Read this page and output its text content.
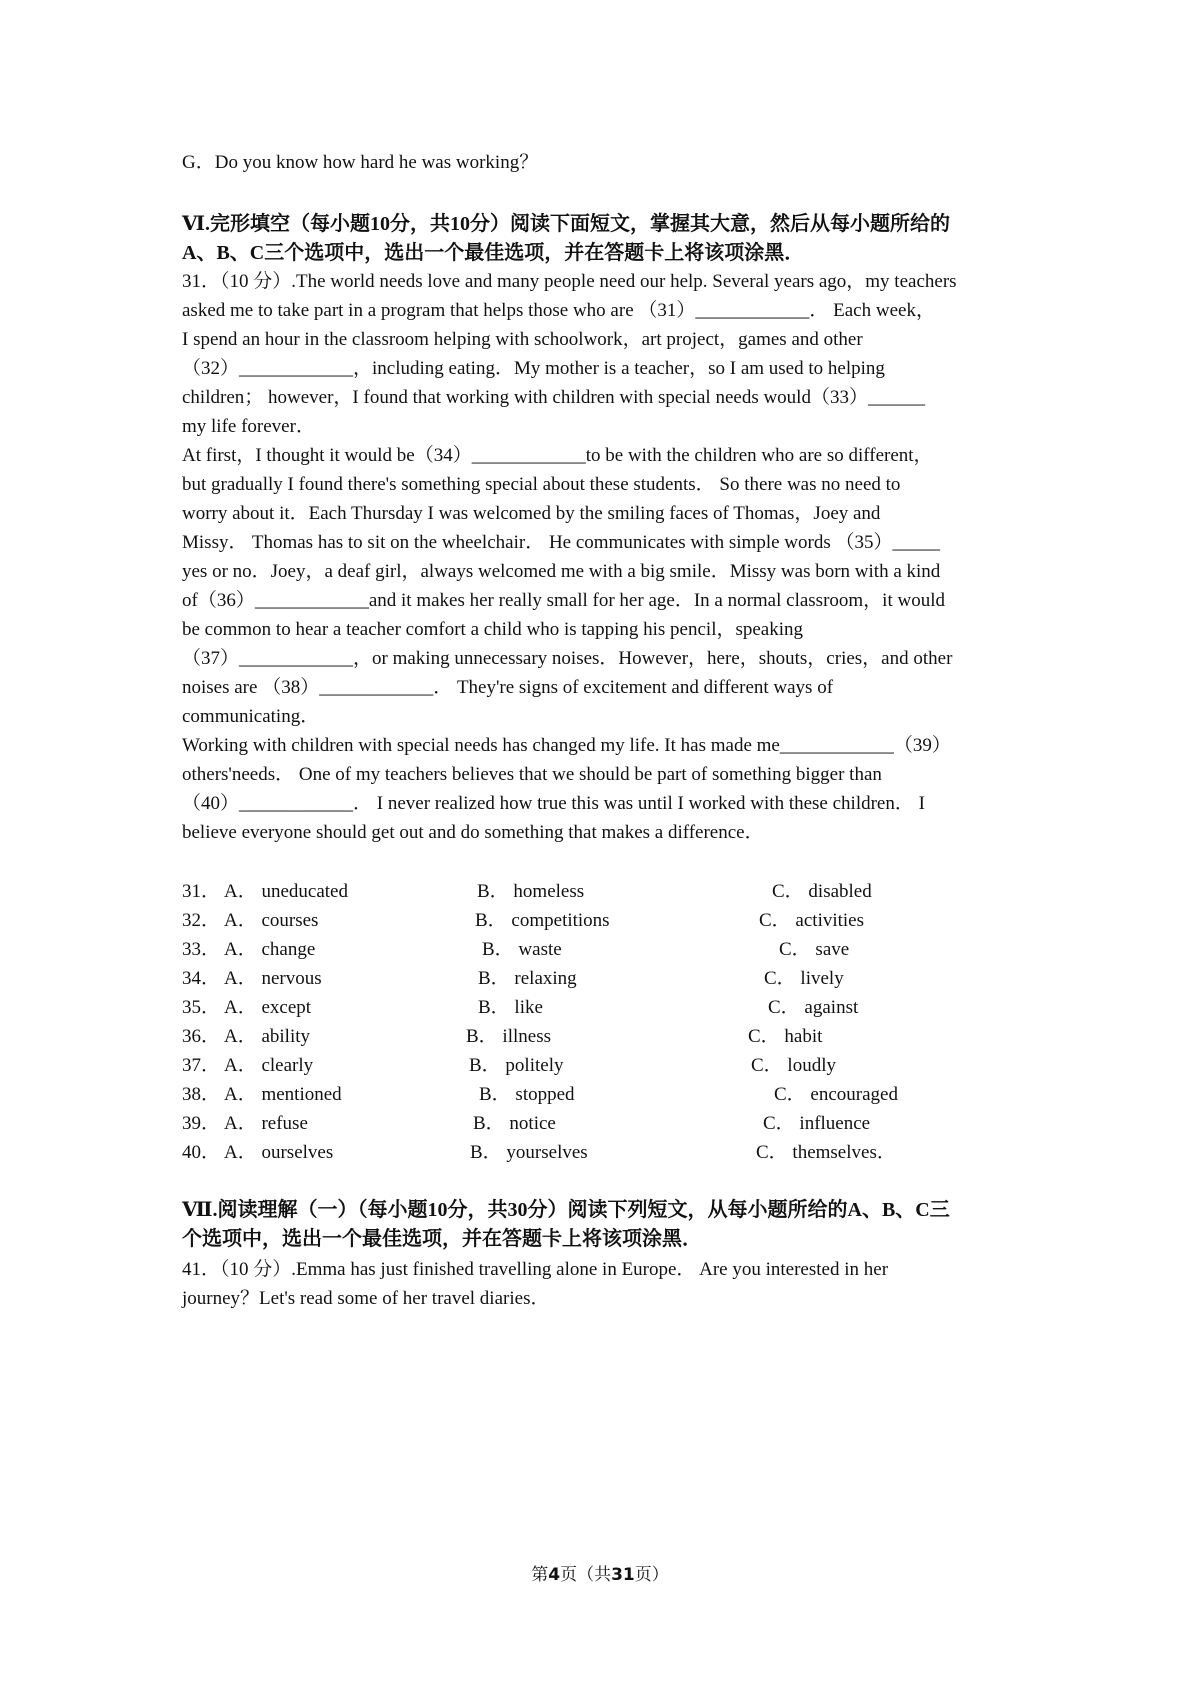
G．Do you know how hard he was working？
Ⅵ.完形填空（每小题10分，共10分）阅读下面短文，掌握其大意，然后从每小题所给的
A、B、C三个选项中，选出一个最佳选项，并在答题卡上将该项涂黑．
31．（10 分）.The world needs love and many people need our help. Several years ago，my teachers
asked me to take part in a program that helps those who are （31）____________． Each week，
I spend an hour in the classroom helping with schoolwork，art project，games and other
（32）____________，including eating．My mother is a teacher，so I am used to helping
children； however，I found that working with children with special needs would（33）______
my life forever．
At first，I thought it would be（34）____________to be with the children who are so different，
but gradually I found there's something special about these students． So there was no need to
worry about it．Each Thursday I was welcomed by the smiling faces of Thomas，Joey and
Missy． Thomas has to sit on the wheelchair． He communicates with simple words （35）_____
yes or no．Joey，a deaf girl，always welcomed me with a big smile．Missy was born with a kind
of（36）____________and it makes her really small for her age．In a normal classroom，it would
be common to hear a teacher comfort a child who is tapping his pencil，speaking
（37）____________，or making unnecessary noises．However，here，shouts，cries，and other
noises are （38）____________． They're signs of excitement and different ways of
communicating．
Working with children with special needs has changed my life. It has made me____________（39）
others'needs． One of my teachers believes that we should be part of something bigger than
（40）____________． I never realized how true this was until I worked with these children． I
believe everyone should get out and do something that makes a difference．
31． A． uneducated	B． homeless	C． disabled
32． A． courses	B． competitions	C． activities
33． A． change	B． waste	C． save
34． A． nervous	B． relaxing	C． lively
35． A． except	B． like	C． against
36． A． ability	B． illness	C． habit
37． A． clearly	B． politely	C． loudly
38． A． mentioned	B． stopped	C． encouraged
39． A． refuse	B． notice	C． influence
40． A． ourselves	B． yourselves	C． themselves．
Ⅶ.阅读理解（一）（每小题10分，共30分）阅读下列短文，从每小题所给的A、B、C三
个选项中，选出一个最佳选项，并在答题卡上将该项涂黑．
41．（10 分）.Emma has just finished travelling alone in Europe． Are you interested in her
journey？Let's read some of her travel diaries．
第4页（共31页）
